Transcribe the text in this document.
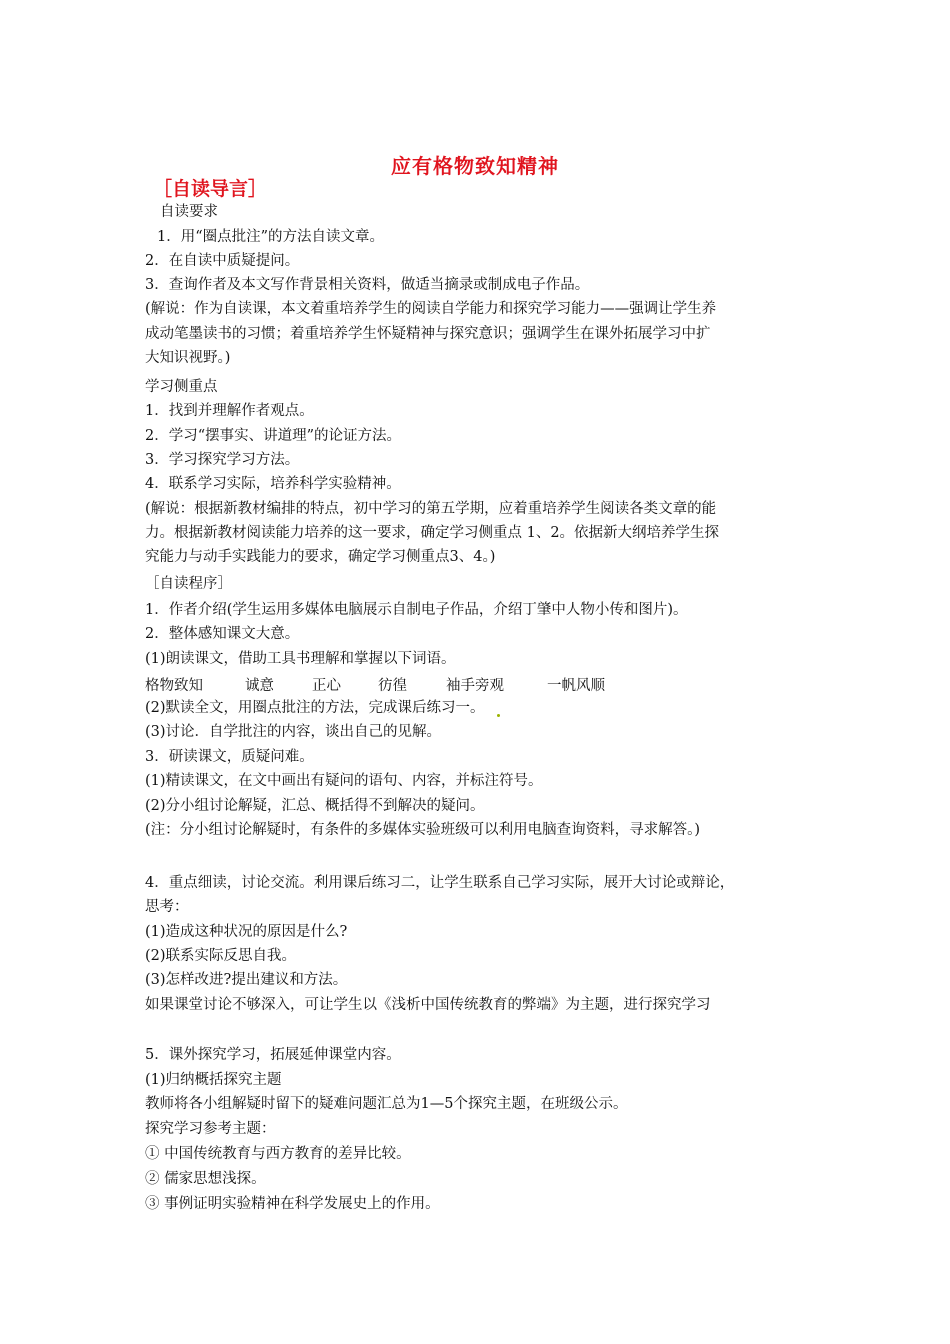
应有格物致知精神
［自读导言］
自读要求
1．用“圈点批注”的方法自读文章。
2．在自读中质疑提问。
3．查询作者及本文写作背景相关资料，做适当摘录或制成电子作品。
(解说：作为自读课，本文着重培养学生的阅读自学能力和探究学习能力——强调让学生养
成动笔墨读书的习惯；着重培养学生怀疑精神与探究意识；强调学生在课外拓展学习中扩
大知识视野。)
学习侧重点
1．找到并理解作者观点。
2．学习“摆事实、讲道理”的论证方法。
3．学习探究学习方法。
4．联系学习实际，培养科学实验精神。
(解说：根据新教材编排的特点，初中学习的第五学期，应着重培养学生阅读各类文章的能
力。根据新教材阅读能力培养的这一要求，确定学习侧重点 1、2。依据新大纲培养学生探
究能力与动手实践能力的要求，确定学习侧重点3、4。)
［自读程序］
1．作者介绍(学生运用多媒体电脑展示自制电子作品，介绍丁肇中人物小传和图片)。
2．整体感知课文大意。
(1)朗读课文，借助工具书理解和掌握以下词语。
格物致知	诚意	正心	彷徨	袖手旁观	一帆风顺
(2)默读全文，用圈点批注的方法，完成课后练习一。
(3)讨论．自学批注的内容，谈出自己的见解。
3．研读课文，质疑问难。
(1)精读课文，在文中画出有疑问的语句、内容，并标注符号。
(2)分小组讨论解疑，汇总、概括得不到解决的疑问。
(注：分小组讨论解疑时，有条件的多媒体实验班级可以利用电脑查询资料，寻求解答。)
4．重点细读，讨论交流。利用课后练习二，让学生联系自己学习实际，展开大讨论或辩论，
思考：
(1)造成这种状况的原因是什么?
(2)联系实际反思自我。
(3)怎样改进?提出建议和方法。
如果课堂讨论不够深入，可让学生以《浅析中国传统教育的弊端》为主题，进行探究学习
5．课外探究学习，拓展延伸课堂内容。
(1)归纳概括探究主题
教师将各小组解疑时留下的疑难问题汇总为1—5个探究主题，在班级公示。
探究学习参考主题：
① 中国传统教育与西方教育的差异比较。
② 儒家思想浅探。
③ 事例证明实验精神在科学发展史上的作用。
